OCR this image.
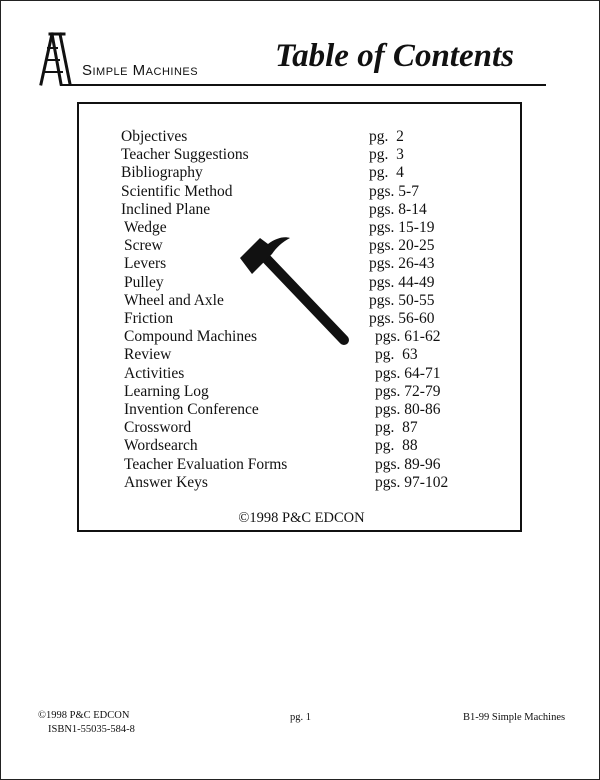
Simple Machines Table of Contents
Objectives	pg.  2
Teacher Suggestions	pg.  3
Bibliography	pg.  4
Scientific Method	pgs. 5-7
Inclined Plane	pgs. 8-14
Wedge	pgs. 15-19
Screw	pgs. 20-25
Levers	pgs. 26-43
Pulley	pgs. 44-49
Wheel and Axle	pgs. 50-55
Friction	pgs. 56-60
Compound Machines	pgs. 61-62
Review	pg.  63
Activities	pgs. 64-71
Learning Log	pgs. 72-79
Invention Conference	pgs. 80-86
Crossword	pg.  87
Wordsearch	pg.  88
Teacher Evaluation Forms	pgs. 89-96
Answer Keys	pgs. 97-102
©1998 P&C EDCON
©1998 P&C EDCON
ISBN1-55035-584-8
pg. 1	B1-99 Simple Machines
